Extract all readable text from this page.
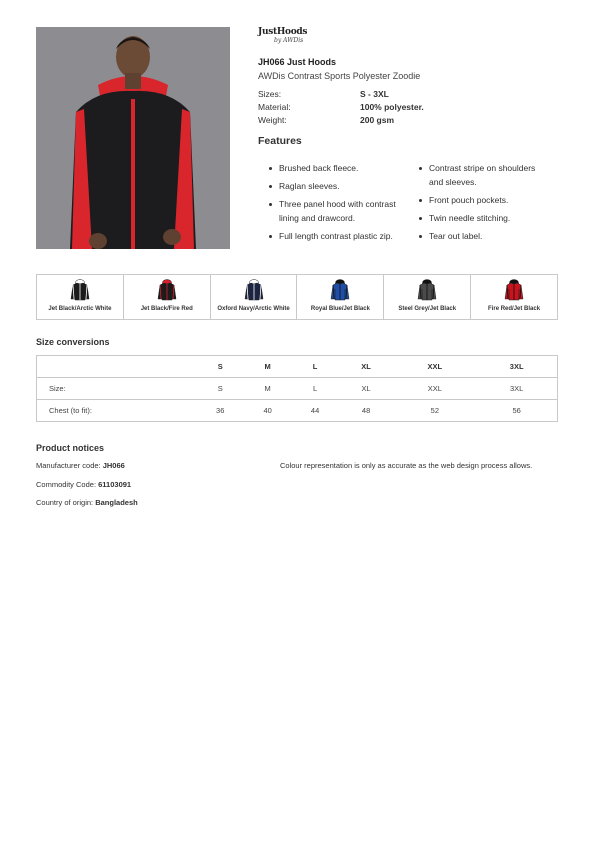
JustHoods
by AWDis
JH066 Just Hoods
AWDis Contrast Sports Polyester Zoodie
Sizes:	S - 3XL
Material:	100% polyester.
Weight:	200 gsm
Features
Brushed back fleece.
Raglan sleeves.
Three panel hood with contrast lining and drawcord.
Full length contrast plastic zip.
Contrast stripe on shoulders and sleeves.
Front pouch pockets.
Twin needle stitching.
Tear out label.
Jet Black/Arctic White	Jet Black/Fire Red	Oxford Navy/Arctic White	Royal Blue/Jet Black	Steel Grey/Jet Black	Fire Red/Jet Black
Size conversions
	S	M	L	XL	XXL	3XL
Size:	S	M	L	XL	XXL	3XL
Chest (to fit):	36	40	44	48	52	56
Product notices
Manufacturer code: JH066	Colour representation is only as accurate as the web design process allows.
Commodity Code: 61103091
Country of origin: Bangladesh
